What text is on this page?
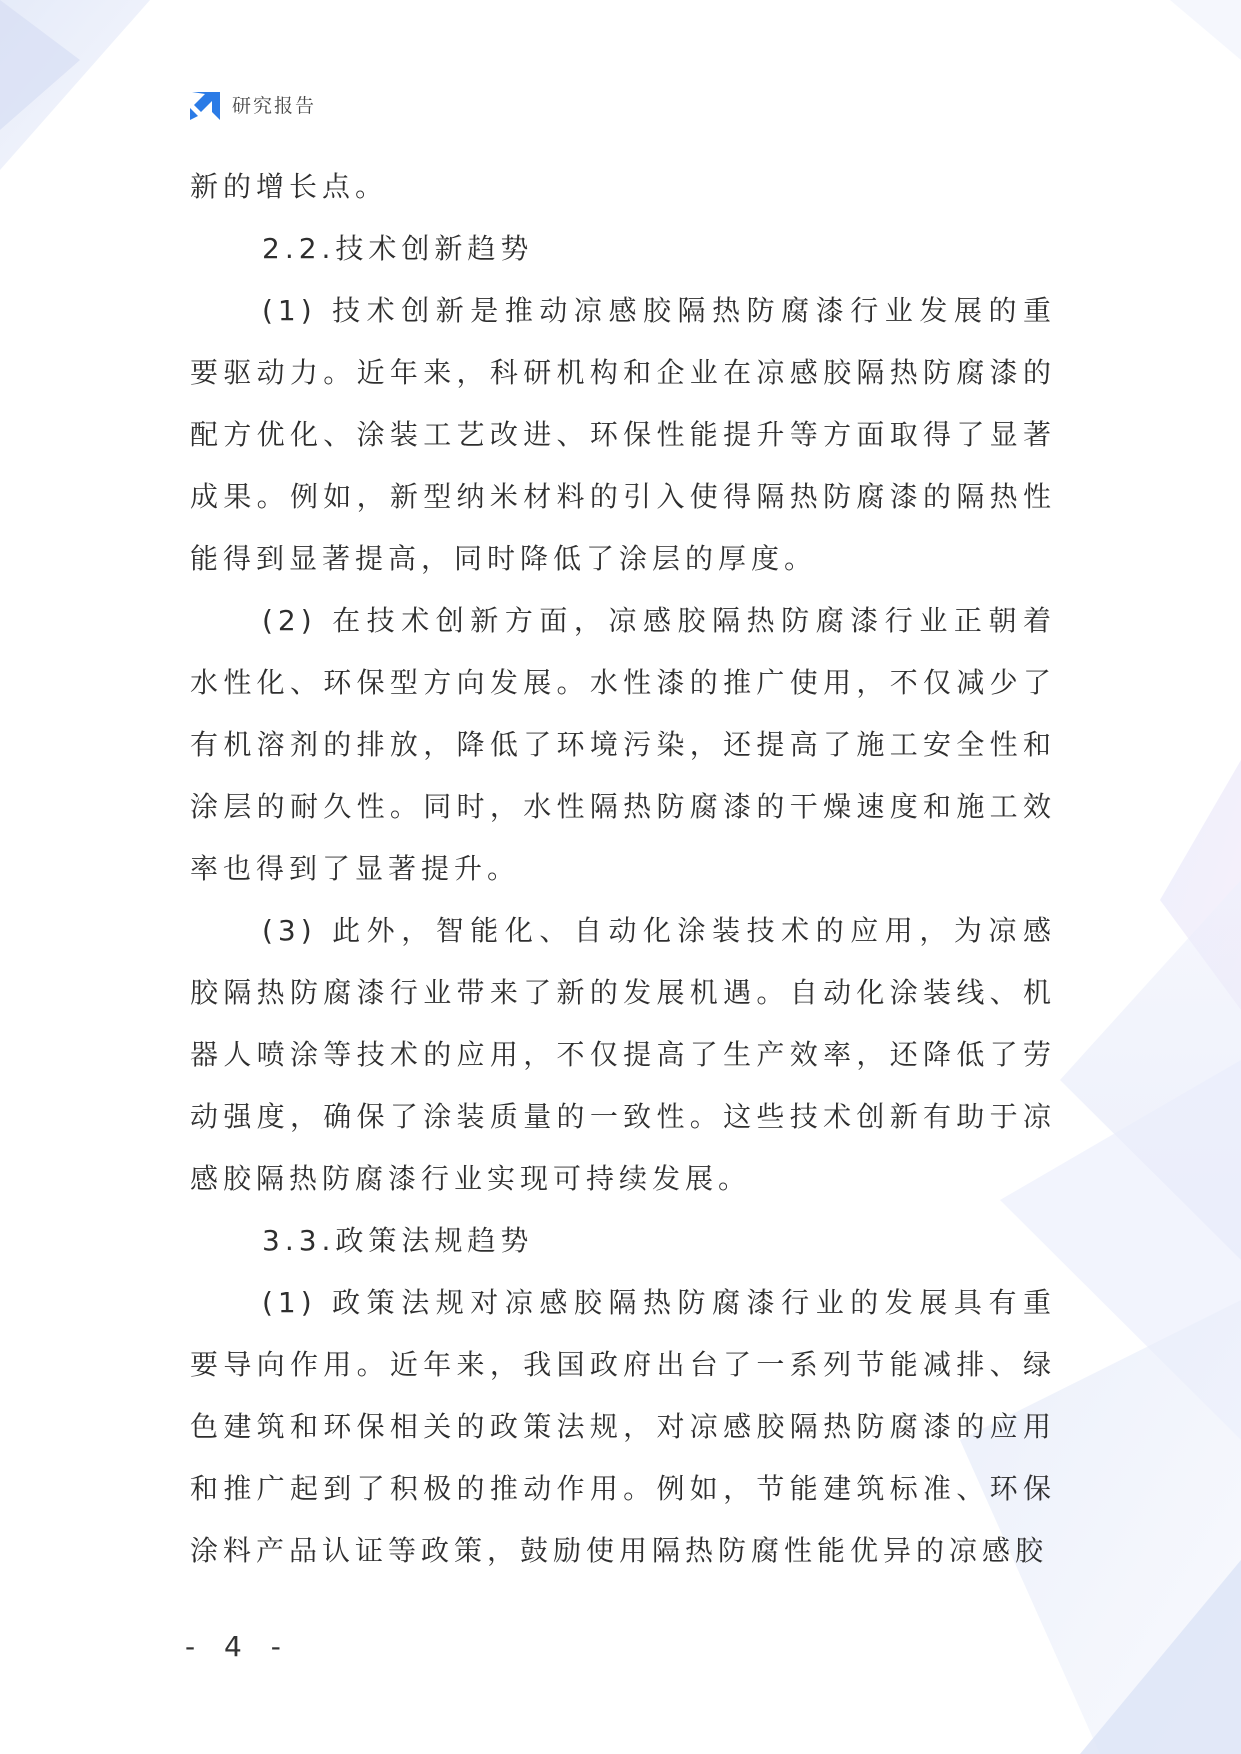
研究报告

新的增长点。

2.2.技术创新趋势

(1) 技术创新是推动凉感胶隔热防腐漆行业发展的重要驱动力。近年来，科研机构和企业在凉感胶隔热防腐漆的配方优化、涂装工艺改进、环保性能提升等方面取得了显著成果。例如，新型纳米材料的引入使得隔热防腐漆的隔热性能得到显著提高，同时降低了涂层的厚度。

(2) 在技术创新方面，凉感胶隔热防腐漆行业正朝着水性化、环保型方向发展。水性漆的推广使用，不仅减少了有机溶剂的排放，降低了环境污染，还提高了施工安全性和涂层的耐久性。同时，水性隔热防腐漆的干燥速度和施工效率也得到了显著提升。

(3) 此外，智能化、自动化涂装技术的应用，为凉感胶隔热防腐漆行业带来了新的发展机遇。自动化涂装线、机器人喷涂等技术的应用，不仅提高了生产效率，还降低了劳动强度，确保了涂装质量的一致性。这些技术创新有助于凉感胶隔热防腐漆行业实现可持续发展。

3.3.政策法规趋势

(1) 政策法规对凉感胶隔热防腐漆行业的发展具有重要导向作用。近年来，我国政府出台了一系列节能减排、绿色建筑和环保相关的政策法规，对凉感胶隔热防腐漆的应用和推广起到了积极的推动作用。例如，节能建筑标准、环保涂料产品认证等政策，鼓励使用隔热防腐性能优异的凉感胶

- 4 -
